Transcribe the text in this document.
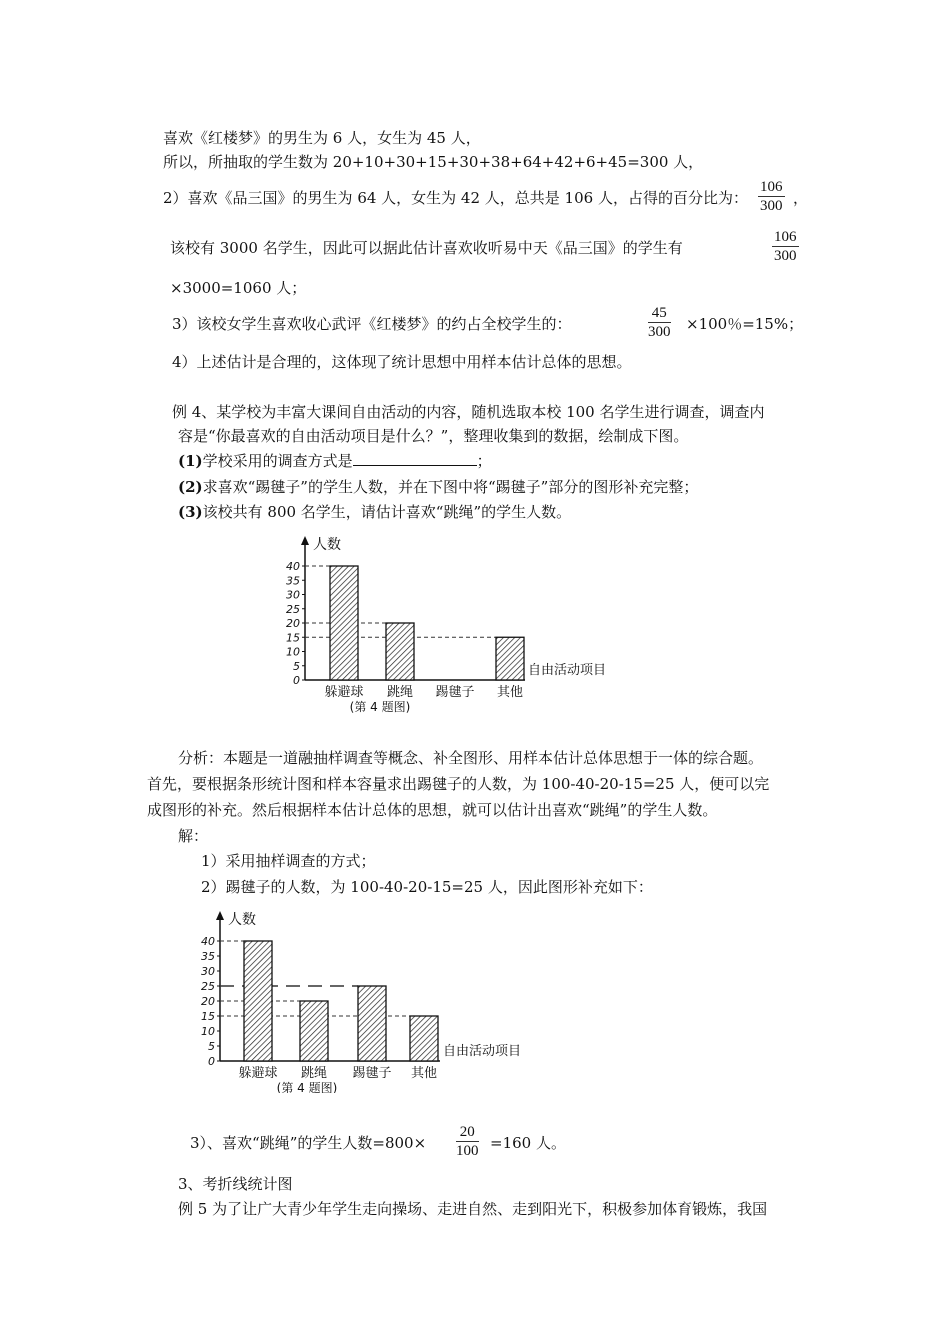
喜欢《红楼梦》的男生为 6 人，女生为 45 人，
所以，所抽取的学生数为 20+10+30+15+30+38+64+42+6+45=300 人，
2）喜欢《品三国》的男生为 64 人，女生为 42 人，总共是 106 人，占得的百分比为： $\frac{106}{300}$ ，
该校有 3000 名学生，因此可以据此估计喜欢收听易中天《品三国》的学生有	$\frac{106}{300}$
×3000=1060 人；
3）该校女学生喜欢收心武评《红楼梦》的约占全校学生的：	$\frac{45}{300} \times 100$％=15%；
4）上述估计是合理的，这体现了统计思想中用样本估计总体的思想。
例 4、某学校为丰富大课间自由活动的内容，随机选取本校 100 名学生进行调查，调查内
容是“你最喜欢的自由活动项目是什么？”，整理收集到的数据，绘制成下图。
(1)学校采用的调查方式是	；
(2)求喜欢“踢毽子”的学生人数，并在下图中将“踢毽子”部分的图形补充完整；
(3)该校共有 800 名学生，请估计喜欢“跳绳”的学生人数。
人数
0
5
10
15
20
25
30
35
40
躲避球 跳绳 踢毽子 其他
自由活动项目
(第 4 题图)
分析：本题是一道融抽样调查等概念、补全图形、用样本估计总体思想于一体的综合题。
首先，要根据条形统计图和样本容量求出踢毽子的人数，为 100-40-20-15=25 人，便可以完
成图形的补充。然后根据样本估计总体的思想，就可以估计出喜欢“跳绳”的学生人数。
解：
1）采用抽样调查的方式；
2）踢毽子的人数，为 100-40-20-15=25 人，因此图形补充如下：
人数
0
5
10
15
20
25
30
35
40
躲避球 跳绳 踢毽子 其他
自由活动项目
(第 4 题图)
3）、喜欢“跳绳”的学生人数$=800\times \frac{20}{100} =160$ 人。
3、考折线统计图
例 5 为了让广大青少年学生走向操场、走进自然、走到阳光下，积极参加体育锻炼，我国
